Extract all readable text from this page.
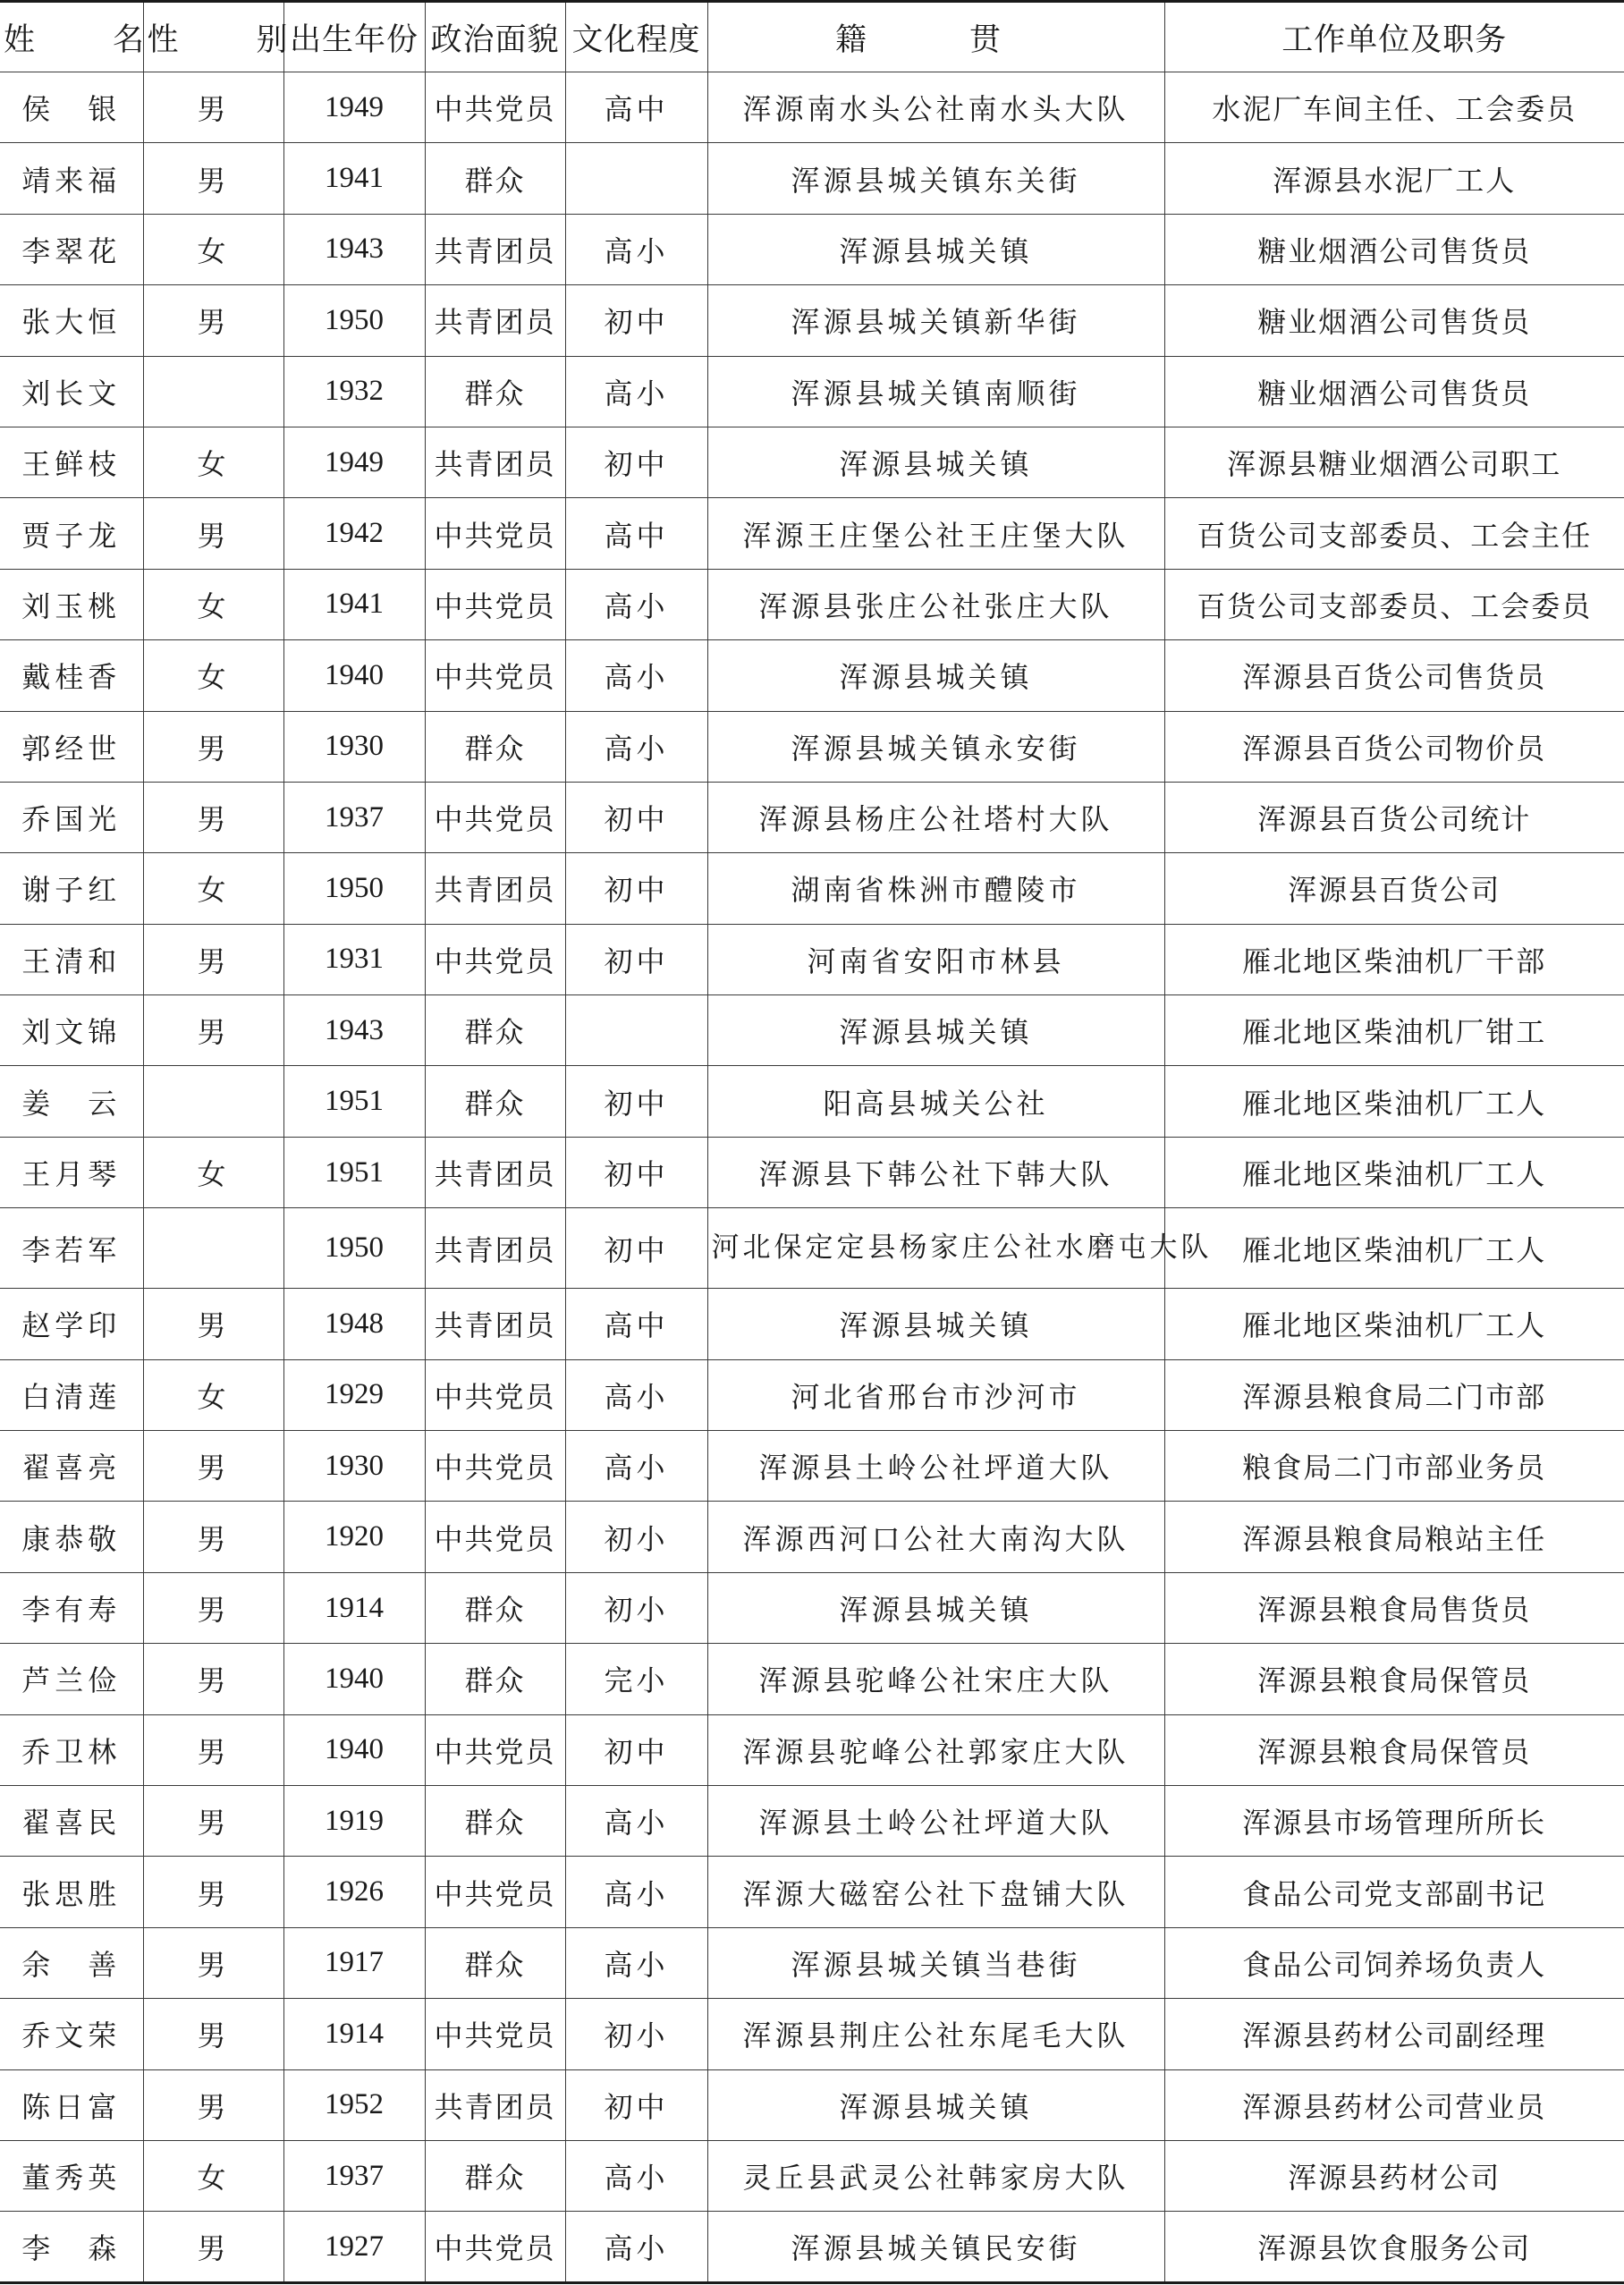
姓　名	性　别	出生年份	政治面貌	文化程度	籍　贯	工作单位及职务
侯　银	男	1949	中共党员	高中	浑源南水头公社南水头大队	水泥厂车间主任、工会委员
靖来福	男	1941	群众		浑源县城关镇东关街	浑源县水泥厂工人
李翠花	女	1943	共青团员	高小	浑源县城关镇	糖业烟酒公司售货员
张大恒	男	1950	共青团员	初中	浑源县城关镇新华街	糖业烟酒公司售货员
刘长文		1932	群众	高小	浑源县城关镇南顺街	糖业烟酒公司售货员
王鲜枝	女	1949	共青团员	初中	浑源县城关镇	浑源县糖业烟酒公司职工
贾子龙	男	1942	中共党员	高中	浑源王庄堡公社王庄堡大队	百货公司支部委员、工会主任
刘玉桃	女	1941	中共党员	高小	浑源县张庄公社张庄大队	百货公司支部委员、工会委员
戴桂香	女	1940	中共党员	高小	浑源县城关镇	浑源县百货公司售货员
郭经世	男	1930	群众	高小	浑源县城关镇永安街	浑源县百货公司物价员
乔国光	男	1937	中共党员	初中	浑源县杨庄公社塔村大队	浑源县百货公司统计
谢子红	女	1950	共青团员	初中	湖南省株洲市醴陵市	浑源县百货公司
王清和	男	1931	中共党员	初中	河南省安阳市林县	雁北地区柴油机厂干部
刘文锦	男	1943	群众		浑源县城关镇	雁北地区柴油机厂钳工
姜　云		1951	群众	初中	阳高县城关公社	雁北地区柴油机厂工人
王月琴	女	1951	共青团员	初中	浑源县下韩公社下韩大队	雁北地区柴油机厂工人
李若军		1950	共青团员	初中	河北保定定县杨家庄公社水磨屯大队	雁北地区柴油机厂工人
赵学印	男	1948	共青团员	高中	浑源县城关镇	雁北地区柴油机厂工人
白清莲	女	1929	中共党员	高小	河北省邢台市沙河市	浑源县粮食局二门市部
翟喜亮	男	1930	中共党员	高小	浑源县土岭公社坪道大队	粮食局二门市部业务员
康恭敬	男	1920	中共党员	初小	浑源西河口公社大南沟大队	浑源县粮食局粮站主任
李有寿	男	1914	群众	初小	浑源县城关镇	浑源县粮食局售货员
芦兰俭	男	1940	群众	完小	浑源县驼峰公社宋庄大队	浑源县粮食局保管员
乔卫林	男	1940	中共党员	初中	浑源县驼峰公社郭家庄大队	浑源县粮食局保管员
翟喜民	男	1919	群众	高小	浑源县土岭公社坪道大队	浑源县市场管理所所长
张思胜	男	1926	中共党员	高小	浑源大磁窑公社下盘铺大队	食品公司党支部副书记
余　善	男	1917	群众	高小	浑源县城关镇当巷街	食品公司饲养场负责人
乔文荣	男	1914	中共党员	初小	浑源县荆庄公社东尾毛大队	浑源县药材公司副经理
陈日富	男	1952	共青团员	初中	浑源县城关镇	浑源县药材公司营业员
董秀英	女	1937	群众	高小	灵丘县武灵公社韩家房大队	浑源县药材公司
李　森	男	1927	中共党员	高小	浑源县城关镇民安街	浑源县饮食服务公司
